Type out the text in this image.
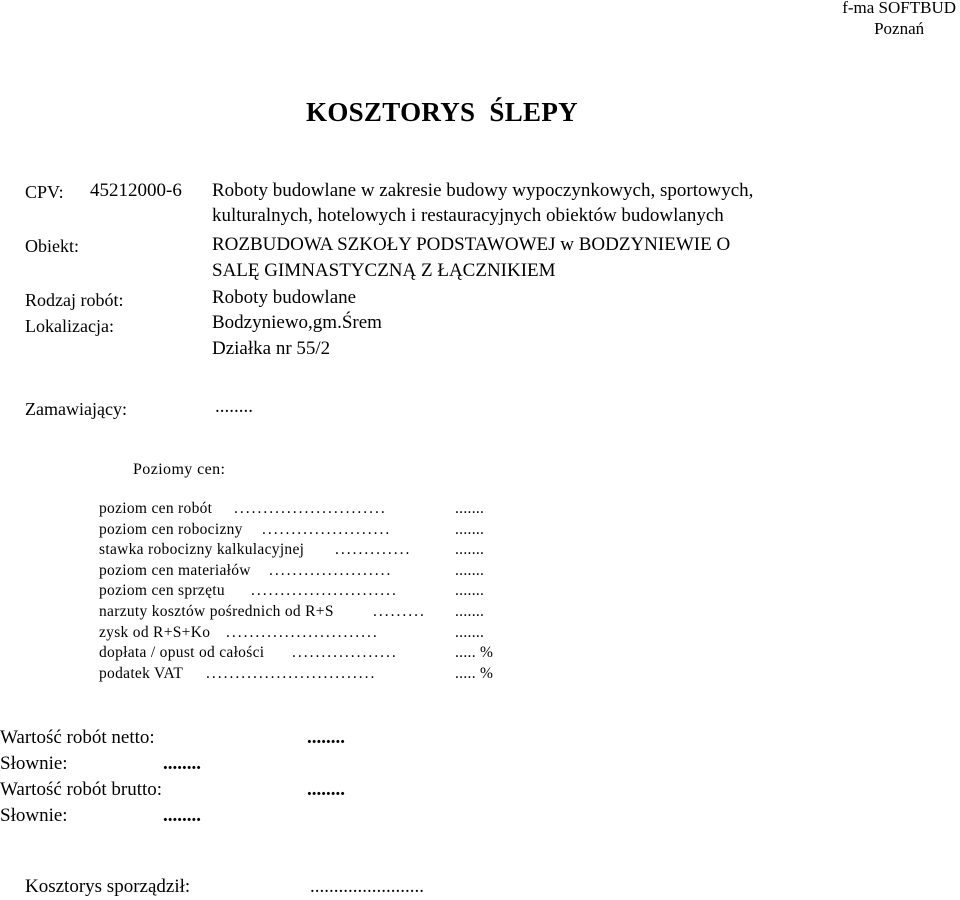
f-ma SOFTBUD
Poznań
KOSZTORYS  ŚLEPY
CPV: 45212000-6 Roboty budowlane w zakresie budowy wypoczynkowych, sportowych,
kulturalnych, hotelowych i restauracyjnych obiektów budowlanych
Obiekt:	ROZBUDOWA SZKOŁY PODSTAWOWEJ w BODZYNIEWIE O
SALĘ GIMNASTYCZNĄ Z ŁĄCZNIKIEM
Rodzaj robót:	Roboty budowlane
Lokalizacja:	Bodzyniewo,gm.Śrem
Działka nr 55/2
Zamawiający:	........
Poziomy cen:
poziom cen robót ..........................	.......
poziom cen robocizny ......................	.......
stawka robocizny kalkulacyjnej .............	.......
poziom cen materiałów .....................	.......
poziom cen sprzętu .........................	.......
narzuty kosztów pośrednich od R+S	......... .......
zysk od R+S+Ko ..........................	.......
dopłata / opust od całości ..................	..... %
podatek VAT .............................	..... %
Wartość robót netto:	........
Słownie:	........
Wartość robót brutto:	........
Słownie:	........
Kosztorys sporządził:	........................
